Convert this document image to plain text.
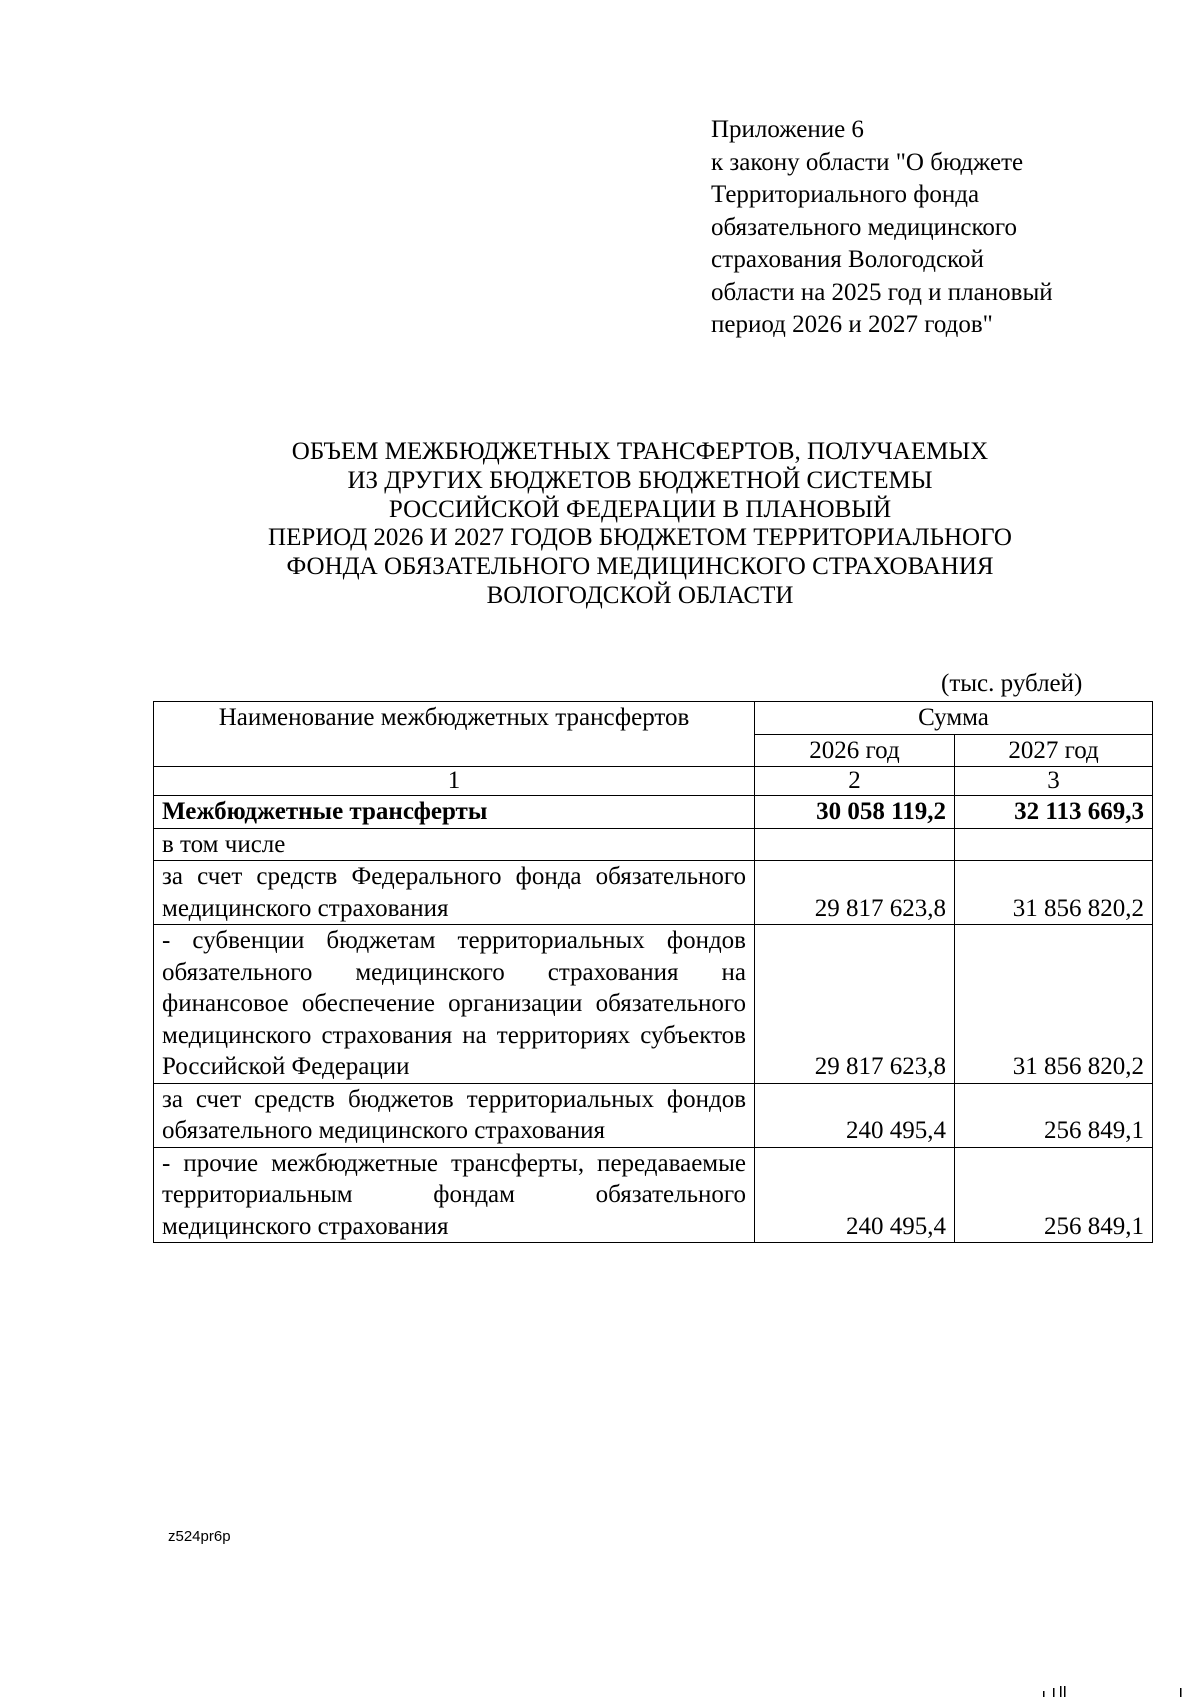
Приложение 6
к закону области "О бюджете
Территориального фонда
обязательного медицинского
страхования Вологодской
области на 2025 год и плановый
период 2026 и 2027 годов"
ОБЪЕМ МЕЖБЮДЖЕТНЫХ ТРАНСФЕРТОВ, ПОЛУЧАЕМЫХ
ИЗ ДРУГИХ БЮДЖЕТОВ БЮДЖЕТНОЙ СИСТЕМЫ
РОССИЙСКОЙ ФЕДЕРАЦИИ В ПЛАНОВЫЙ
ПЕРИОД 2026 И 2027 ГОДОВ БЮДЖЕТОМ ТЕРРИТОРИАЛЬНОГО
ФОНДА ОБЯЗАТЕЛЬНОГО МЕДИЦИНСКОГО СТРАХОВАНИЯ
ВОЛОГОДСКОЙ ОБЛАСТИ
(тыс. рублей)
Наименование межбюджетных трансфертов	Сумма	
	2026 год	2027 год
1	2	3
Межбюджетные трансферты	30 058 119,2	32 113 669,3
в том числе		
за счет средств Федерального фонда обязательного медицинского страхования	29 817 623,8	31 856 820,2
- субвенции бюджетам территориальных фондов обязательного медицинского страхования на финансовое обеспечение организации обязательного медицинского страхования на территориях субъектов Российской Федерации	29 817 623,8	31 856 820,2
за счет средств бюджетов территориальных фондов обязательного медицинского страхования	240 495,4	256 849,1
- прочие межбюджетные трансферты, передаваемые территориальным фондам обязательного медицинского страхования	240 495,4	256 849,1
z524pr6p
